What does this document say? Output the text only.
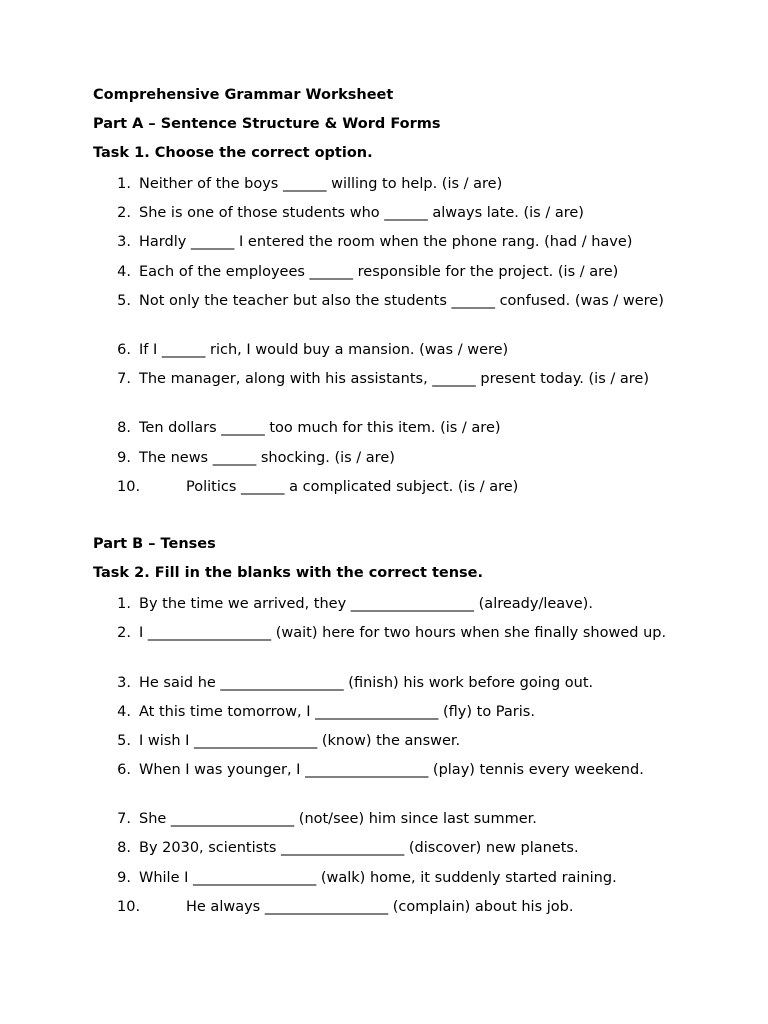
Comprehensive Grammar Worksheet
Part A – Sentence Structure & Word Forms
Task 1. Choose the correct option.
1. Neither of the boys ______ willing to help. (is / are)
2. She is one of those students who ______ always late. (is / are)
3. Hardly ______ I entered the room when the phone rang. (had / have)
4. Each of the employees ______ responsible for the project. (is / are)
5. Not only the teacher but also the students ______ confused. (was / were)
6. If I ______ rich, I would buy a mansion. (was / were)
7. The manager, along with his assistants, ______ present today. (is / are)
8. Ten dollars ______ too much for this item. (is / are)
9. The news ______ shocking. (is / are)
10.	Politics ______ a complicated subject. (is / are)
Part B – Tenses
Task 2. Fill in the blanks with the correct tense.
1. By the time we arrived, they _________________ (already/leave).
2. I _________________ (wait) here for two hours when she finally showed up.
3. He said he _________________ (finish) his work before going out.
4. At this time tomorrow, I _________________ (fly) to Paris.
5. I wish I _________________ (know) the answer.
6. When I was younger, I _________________ (play) tennis every weekend.
7. She _________________ (not/see) him since last summer.
8. By 2030, scientists _________________ (discover) new planets.
9. While I _________________ (walk) home, it suddenly started raining.
10.	He always _________________ (complain) about his job.
